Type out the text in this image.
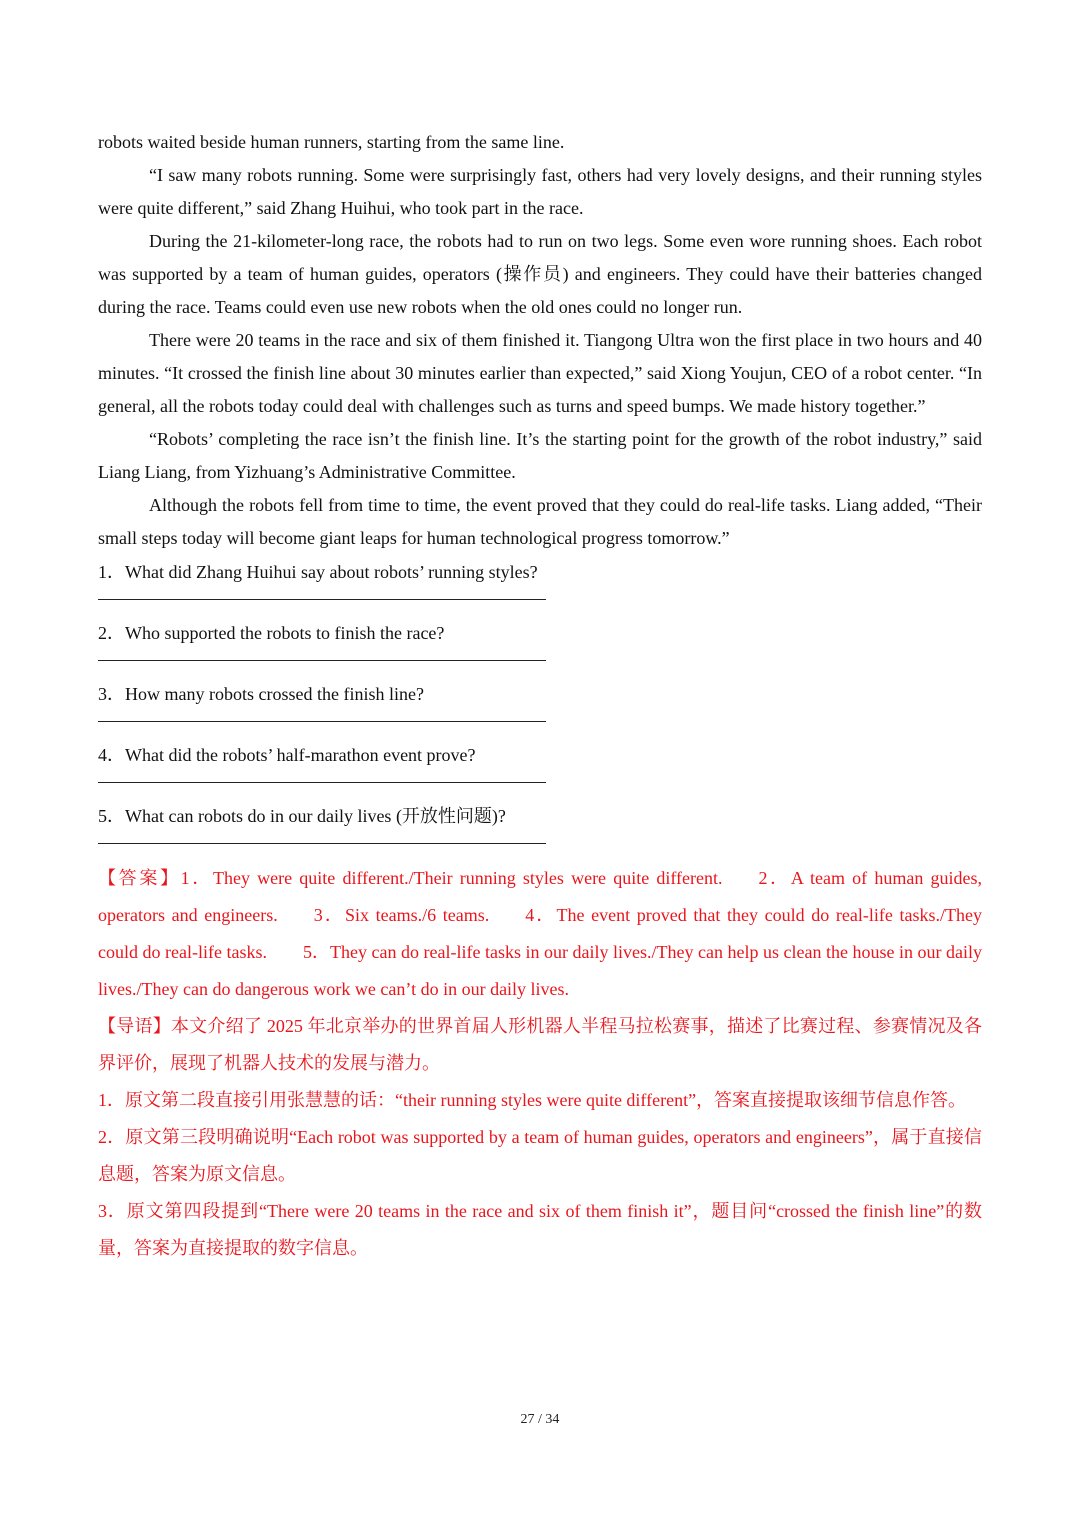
robots waited beside human runners, starting from the same line.

“I saw many robots running. Some were surprisingly fast, others had very lovely designs, and their running styles were quite different,” said Zhang Huihui, who took part in the race.

During the 21-kilometer-long race, the robots had to run on two legs. Some even wore running shoes. Each robot was supported by a team of human guides, operators (操作员) and engineers. They could have their batteries changed during the race. Teams could even use new robots when the old ones could no longer run.

There were 20 teams in the race and six of them finished it. Tiangong Ultra won the first place in two hours and 40 minutes. “It crossed the finish line about 30 minutes earlier than expected,” said Xiong Youjun, CEO of a robot center. “In general, all the robots today could deal with challenges such as turns and speed bumps. We made history together.”

“Robots’ completing the race isn’t the finish line. It’s the starting point for the growth of the robot industry,” said Liang Liang, from Yizhuang’s Administrative Committee.

Although the robots fell from time to time, the event proved that they could do real-life tasks. Liang added, “Their small steps today will become giant leaps for human technological progress tomorrow.”

1．What did Zhang Huihui say about robots’ running styles?

2．Who supported the robots to finish the race?

3．How many robots crossed the finish line?

4．What did the robots’ half-marathon event prove?

5．What can robots do in our daily lives (开放性问题)?

【答案】1．They were quite different./Their running styles were quite different. 2．A team of human guides, operators and engineers. 3．Six teams./6 teams. 4．The event proved that they could do real-life tasks./They could do real-life tasks. 5．They can do real-life tasks in our daily lives./They can help us clean the house in our daily lives./They can do dangerous work we can’t do in our daily lives.

【导语】本文介绍了 2025 年北京举办的世界首届人形机器人半程马拉松赛事，描述了比赛过程、参赛情况及各界评价，展现了机器人技术的发展与潜力。

1．原文第二段直接引用张慧慧的话：“their running styles were quite different”，答案直接提取该细节信息作答。

2．原文第三段明确说明“Each robot was supported by a team of human guides, operators and engineers”，属于直接信息题，答案为原文信息。

3．原文第四段提到“There were 20 teams in the race and six of them finish it”，题目问“crossed the finish line”的数量，答案为直接提取的数字信息。

27 / 34
